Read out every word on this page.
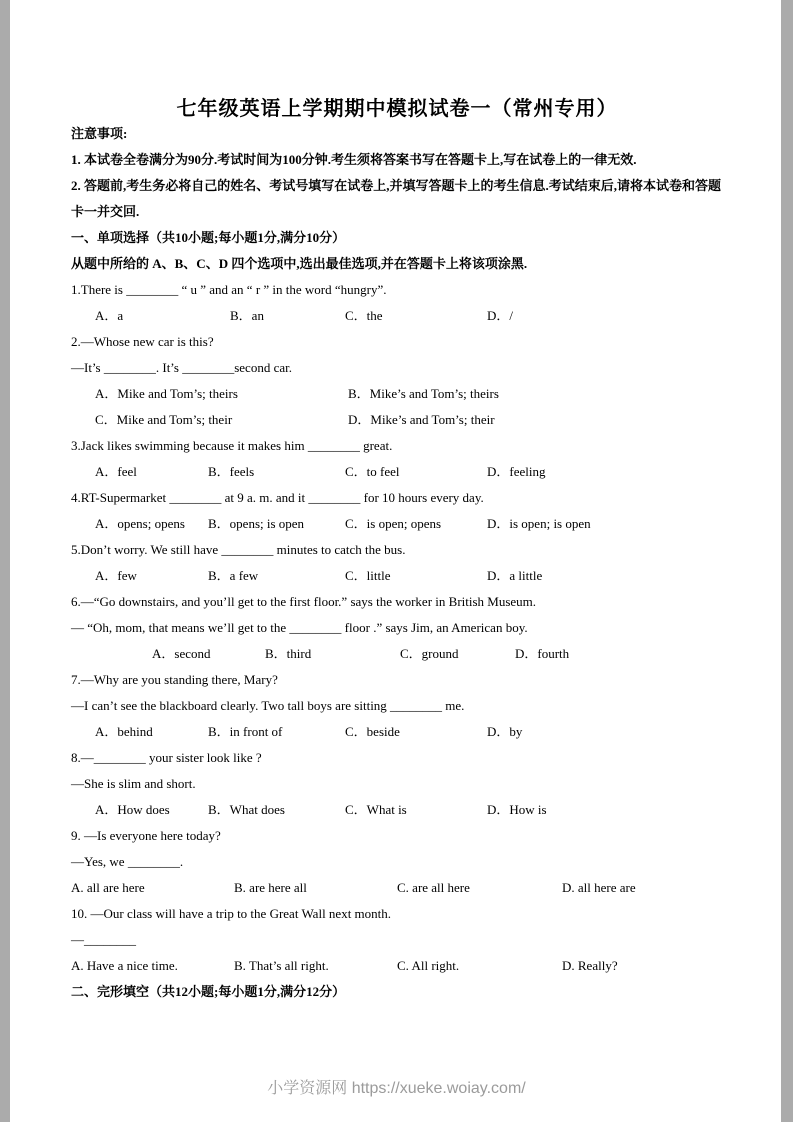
七年级英语上学期期中模拟试卷一（常州专用）

注意事项:

1. 本试卷全卷满分为90分.考试时间为100分钟.考生须将答案书写在答题卡上,写在试卷上的一律无效.

2. 答题前,考生务必将自己的姓名、考试号填写在试卷上,并填写答题卡上的考生信息.考试结束后,请将本试卷和答题卡一并交回.

一、单项选择（共10小题;每小题1分,满分10分）

从题中所给的 A、B、C、D 四个选项中,选出最佳选项,并在答题卡上将该项涂黑.

1.There is ________ “ u ” and an “ r ” in the word “hungry”.

A．a	B．an	C．the	D．/

2.—Whose new car is this?

—It’s ________. It’s ________second car.

A．Mike and Tom’s; theirs	B．Mike’s and Tom’s; theirs
C．Mike and Tom’s; their	D．Mike’s and Tom’s; their

3.Jack likes swimming because it makes him ________ great.

A．feel	B．feels	C．to feel	D．feeling

4.RT-Supermarket ________ at 9 a. m. and it ________ for 10 hours every day.

A．opens; opens	B．opens; is open	C．is open; opens	D．is open; is open

5.Don’t worry. We still have ________ minutes to catch the bus.

A．few	B．a few	C．little	D．a little

6.—“Go downstairs, and you’ll get to the first floor.” says the worker in British Museum.

— “Oh, mom, that means we’ll get to the ________ floor .” says Jim, an American boy.

A．second	B．third	C．ground	D．fourth

7.—Why are you standing there, Mary?

—I can’t see the blackboard clearly. Two tall boys are sitting ________ me.

A．behind	B．in front of	C．beside	D．by

8.—________ your sister look like ?

—She is slim and short.

A．How does	B．What does	C．What is	D．How is

9. —Is everyone here today?

—Yes, we ________.

A. all are here	B. are here all	C. are all here	D. all here are

10. —Our class will have a trip to the Great Wall next month.

—________

A. Have a nice time.	B. That’s all right.	C. All right.	D. Really?

二、完形填空（共12小题;每小题1分,满分12分）

小学资源网 https://xueke.woiay.com/
